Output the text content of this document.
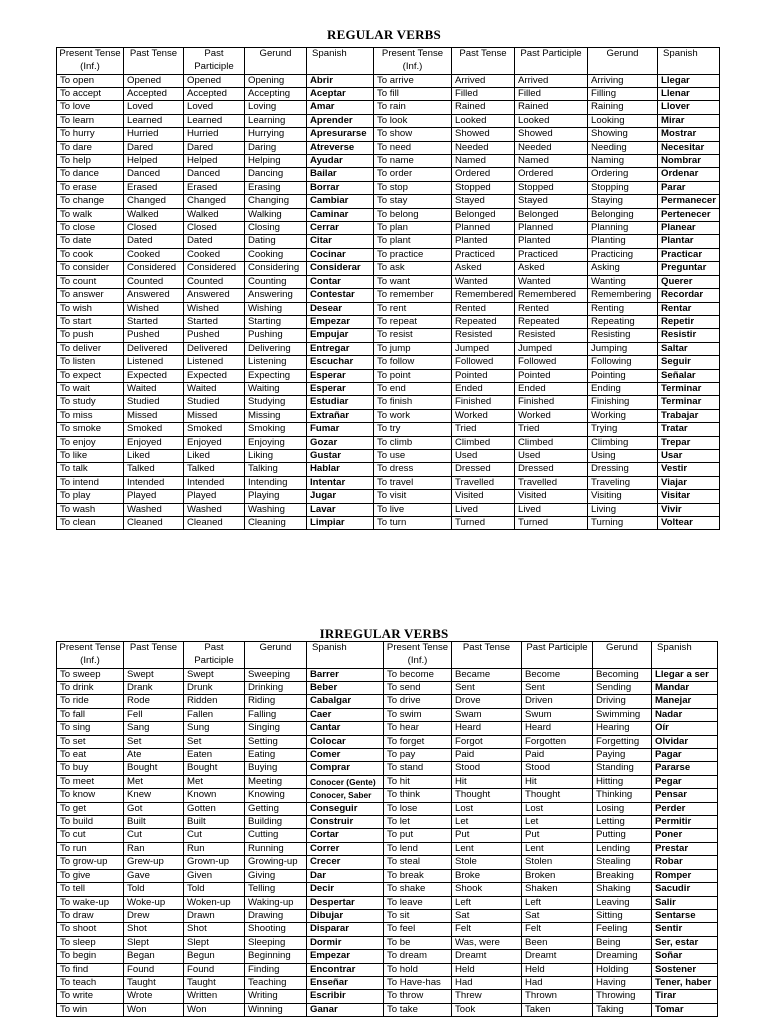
REGULAR VERBS
Present Tense (Inf.)	Past Tense	Past Participle	Gerund	Spanish	Present Tense (Inf.)	Past Tense	Past Participle	Gerund	Spanish
To open	Opened	Opened	Opening	Abrir	To arrive	Arrived	Arrived	Arriving	Llegar
To accept	Accepted	Accepted	Accepting	Aceptar	To fill	Filled	Filled	Filling	Llenar
To love	Loved	Loved	Loving	Amar	To rain	Rained	Rained	Raining	Llover
To learn	Learned	Learned	Learning	Aprender	To look	Looked	Looked	Looking	Mirar
To hurry	Hurried	Hurried	Hurrying	Apresurarse	To show	Showed	Showed	Showing	Mostrar
To dare	Dared	Dared	Daring	Atreverse	To need	Needed	Needed	Needing	Necesitar
To help	Helped	Helped	Helping	Ayudar	To name	Named	Named	Naming	Nombrar
To dance	Danced	Danced	Dancing	Bailar	To order	Ordered	Ordered	Ordering	Ordenar
To erase	Erased	Erased	Erasing	Borrar	To stop	Stopped	Stopped	Stopping	Parar
To change	Changed	Changed	Changing	Cambiar	To stay	Stayed	Stayed	Staying	Permanecer
To walk	Walked	Walked	Walking	Caminar	To belong	Belonged	Belonged	Belonging	Pertenecer
To close	Closed	Closed	Closing	Cerrar	To plan	Planned	Planned	Planning	Planear
To date	Dated	Dated	Dating	Citar	To plant	Planted	Planted	Planting	Plantar
To cook	Cooked	Cooked	Cooking	Cocinar	To practice	Practiced	Practiced	Practicing	Practicar
To consider	Considered	Considered	Considering	Considerar	To ask	Asked	Asked	Asking	Preguntar
To count	Counted	Counted	Counting	Contar	To want	Wanted	Wanted	Wanting	Querer
To answer	Answered	Answered	Answering	Contestar	To remember	Remembered	Remembered	Remembering	Recordar
To wish	Wished	Wished	Wishing	Desear	To rent	Rented	Rented	Renting	Rentar
To start	Started	Started	Starting	Empezar	To repeat	Repeated	Repeated	Repeating	Repetir
To push	Pushed	Pushed	Pushing	Empujar	To resist	Resisted	Resisted	Resisting	Resistir
To deliver	Delivered	Delivered	Delivering	Entregar	To jump	Jumped	Jumped	Jumping	Saltar
To listen	Listened	Listened	Listening	Escuchar	To follow	Followed	Followed	Following	Seguir
To expect	Expected	Expected	Expecting	Esperar	To point	Pointed	Pointed	Pointing	Señalar
To wait	Waited	Waited	Waiting	Esperar	To end	Ended	Ended	Ending	Terminar
To study	Studied	Studied	Studying	Estudiar	To finish	Finished	Finished	Finishing	Terminar
To miss	Missed	Missed	Missing	Extrañar	To work	Worked	Worked	Working	Trabajar
To smoke	Smoked	Smoked	Smoking	Fumar	To try	Tried	Tried	Trying	Tratar
To enjoy	Enjoyed	Enjoyed	Enjoying	Gozar	To climb	Climbed	Climbed	Climbing	Trepar
To like	Liked	Liked	Liking	Gustar	To use	Used	Used	Using	Usar
To talk	Talked	Talked	Talking	Hablar	To dress	Dressed	Dressed	Dressing	Vestir
To intend	Intended	Intended	Intending	Intentar	To travel	Travelled	Travelled	Traveling	Viajar
To play	Played	Played	Playing	Jugar	To visit	Visited	Visited	Visiting	Visitar
To wash	Washed	Washed	Washing	Lavar	To live	Lived	Lived	Living	Vivir
To clean	Cleaned	Cleaned	Cleaning	Limpiar	To turn	Turned	Turned	Turning	Voltear
IRREGULAR VERBS
Present Tense (Inf.)	Past Tense	Past Participle	Gerund	Spanish	Present Tense (Inf.)	Past Tense	Past Participle	Gerund	Spanish
To sweep	Swept	Swept	Sweeping	Barrer	To become	Became	Become	Becoming	Llegar a ser
To drink	Drank	Drunk	Drinking	Beber	To send	Sent	Sent	Sending	Mandar
To ride	Rode	Ridden	Riding	Cabalgar	To drive	Drove	Driven	Driving	Manejar
To fall	Fell	Fallen	Falling	Caer	To swim	Swam	Swum	Swimming	Nadar
To sing	Sang	Sung	Singing	Cantar	To hear	Heard	Heard	Hearing	Oír
To set	Set	Set	Setting	Colocar	To forget	Forgot	Forgotten	Forgetting	Olvidar
To eat	Ate	Eaten	Eating	Comer	To pay	Paid	Paid	Paying	Pagar
To buy	Bought	Bought	Buying	Comprar	To stand	Stood	Stood	Standing	Pararse
To meet	Met	Met	Meeting	Conocer (Gente)	To hit	Hit	Hit	Hitting	Pegar
To know	Knew	Known	Knowing	Conocer, Saber	To think	Thought	Thought	Thinking	Pensar
To get	Got	Gotten	Getting	Conseguir	To lose	Lost	Lost	Losing	Perder
To build	Built	Built	Building	Construir	To let	Let	Let	Letting	Permitir
To cut	Cut	Cut	Cutting	Cortar	To put	Put	Put	Putting	Poner
To run	Ran	Run	Running	Correr	To lend	Lent	Lent	Lending	Prestar
To grow-up	Grew-up	Grown-up	Growing-up	Crecer	To steal	Stole	Stolen	Stealing	Robar
To give	Gave	Given	Giving	Dar	To break	Broke	Broken	Breaking	Romper
To tell	Told	Told	Telling	Decir	To shake	Shook	Shaken	Shaking	Sacudir
To wake-up	Woke-up	Woken-up	Waking-up	Despertar	To leave	Left	Left	Leaving	Salir
To draw	Drew	Drawn	Drawing	Dibujar	To sit	Sat	Sat	Sitting	Sentarse
To shoot	Shot	Shot	Shooting	Disparar	To feel	Felt	Felt	Feeling	Sentir
To sleep	Slept	Slept	Sleeping	Dormir	To be	Was, were	Been	Being	Ser, estar
To begin	Began	Begun	Beginning	Empezar	To dream	Dreamt	Dreamt	Dreaming	Soñar
To find	Found	Found	Finding	Encontrar	To hold	Held	Held	Holding	Sostener
To teach	Taught	Taught	Teaching	Enseñar	To Have-has	Had	Had	Having	Tener, haber
To write	Wrote	Written	Writing	Escribir	To throw	Threw	Thrown	Throwing	Tirar
To win	Won	Won	Winning	Ganar	To take	Took	Taken	Taking	Tomar
